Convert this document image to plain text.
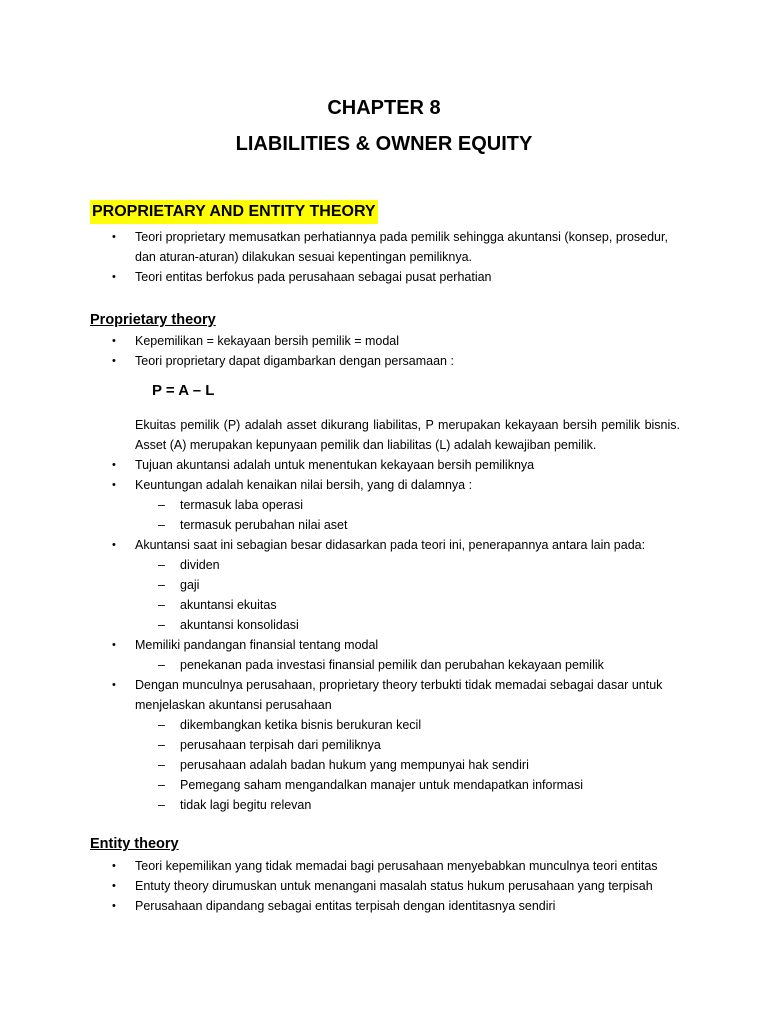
CHAPTER 8
LIABILITIES & OWNER EQUITY
PROPRIETARY AND ENTITY THEORY
• Teori proprietary memusatkan perhatiannya pada pemilik sehingga akuntansi (konsep, prosedur, dan aturan-aturan) dilakukan sesuai kepentingan pemiliknya.
• Teori entitas berfokus pada perusahaan sebagai pusat perhatian
Proprietary theory
• Kepemilikan = kekayaan bersih pemilik = modal
• Teori proprietary dapat digambarkan dengan persamaan :
P = A – L

Ekuitas pemilik (P) adalah asset dikurang liabilitas, P merupakan kekayaan bersih pemilik bisnis. Asset (A) merupakan kepunyaan pemilik dan liabilitas (L) adalah kewajiban pemilik.

• Tujuan akuntansi adalah untuk menentukan kekayaan bersih pemiliknya
• Keuntungan adalah kenaikan nilai bersih, yang di dalamnya :
– termasuk laba operasi
– termasuk perubahan nilai aset
• Akuntansi saat ini sebagian besar didasarkan pada teori ini, penerapannya antara lain pada:
– dividen
– gaji
– akuntansi ekuitas
– akuntansi konsolidasi
• Memiliki pandangan finansial tentang modal
– penekanan pada investasi finansial pemilik dan perubahan kekayaan pemilik
• Dengan munculnya perusahaan, proprietary theory terbukti tidak memadai sebagai dasar untuk menjelaskan akuntansi perusahaan
– dikembangkan ketika bisnis berukuran kecil
– perusahaan terpisah dari pemiliknya
– perusahaan adalah badan hukum yang mempunyai hak sendiri
– Pemegang saham mengandalkan manajer untuk mendapatkan informasi
– tidak lagi begitu relevan
Entity theory
• Teori kepemilikan yang tidak memadai bagi perusahaan menyebabkan munculnya teori entitas
• Entuty theory dirumuskan untuk menangani masalah status hukum perusahaan yang terpisah
• Perusahaan dipandang sebagai entitas terpisah dengan identitasnya sendiri
